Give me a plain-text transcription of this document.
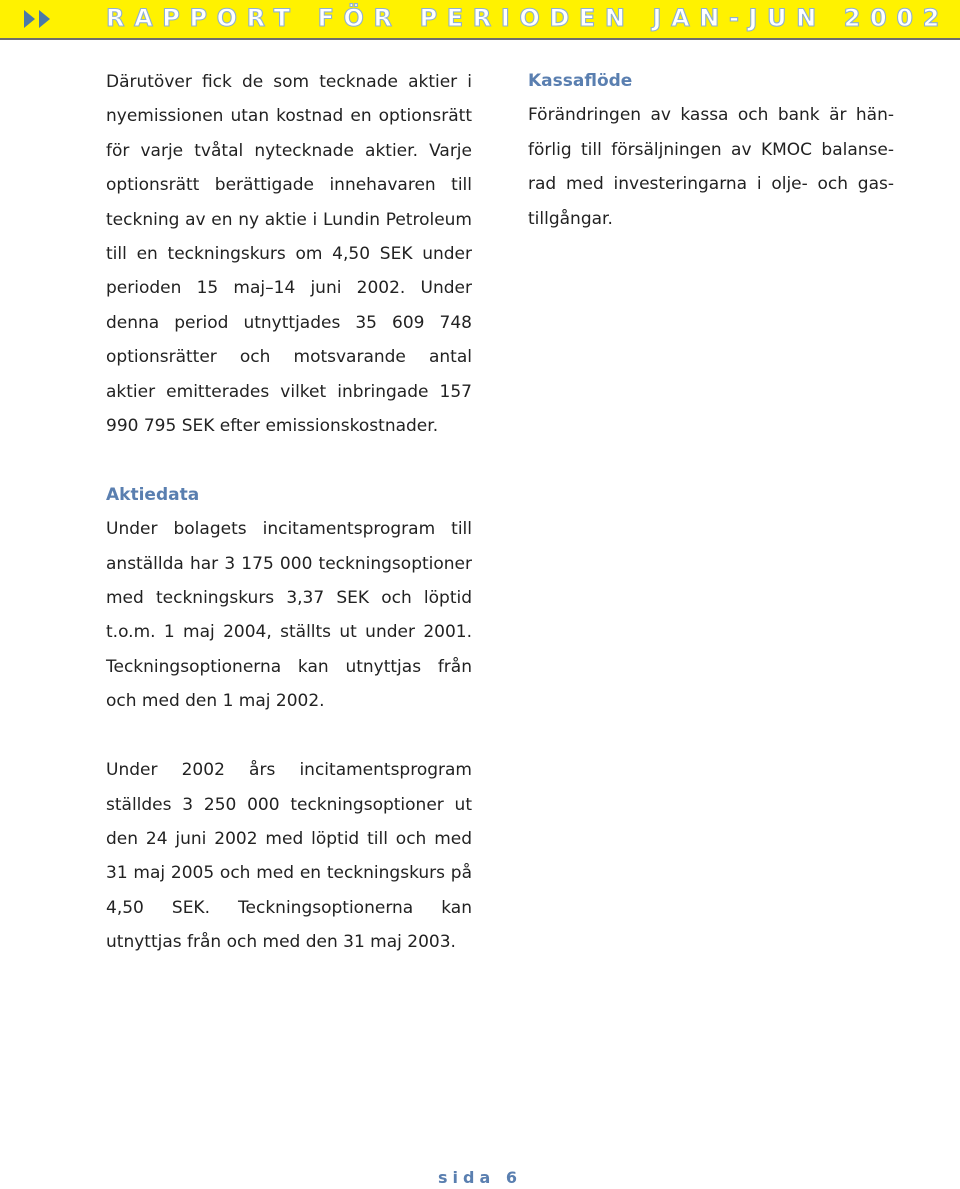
RAPPORT FÖR PERIODEN JAN-JUN 2002

Därutöver fick de som tecknade aktier i nyemissionen utan kostnad en optionsrätt för varje tvåtal nytecknade aktier. Varje optionsrätt berättigade innehavaren till teckning av en ny aktie i Lundin Petroleum till en teckningskurs om 4,50 SEK under perioden 15 maj–14 juni 2002. Under denna period utnyttjades 35 609 748 optionsrätter och motsvarande antal aktier emitterades vilket inbringade 157 990 795 SEK efter emissionskostnader.

Aktiedata

Under bolagets incitamentsprogram till anställda har 3 175 000 teckningsoptioner med teckningskurs 3,37 SEK och löptid t.o.m. 1 maj 2004, ställts ut under 2001. Teckningsoptionerna kan utnyttjas från och med den 1 maj 2002.

Under 2002 års incitamentsprogram ställdes 3 250 000 teckningsoptioner ut den 24 juni 2002 med löptid till och med 31 maj 2005 och med en teckningskurs på 4,50 SEK. Teckningsoptionerna kan utnyttjas från och med den 31 maj 2003.

Kassaflöde

Förändringen av kassa och bank är hänförlig till försäljningen av KMOC balanserad med investeringarna i olje- och gastillgångar.

sida 6
